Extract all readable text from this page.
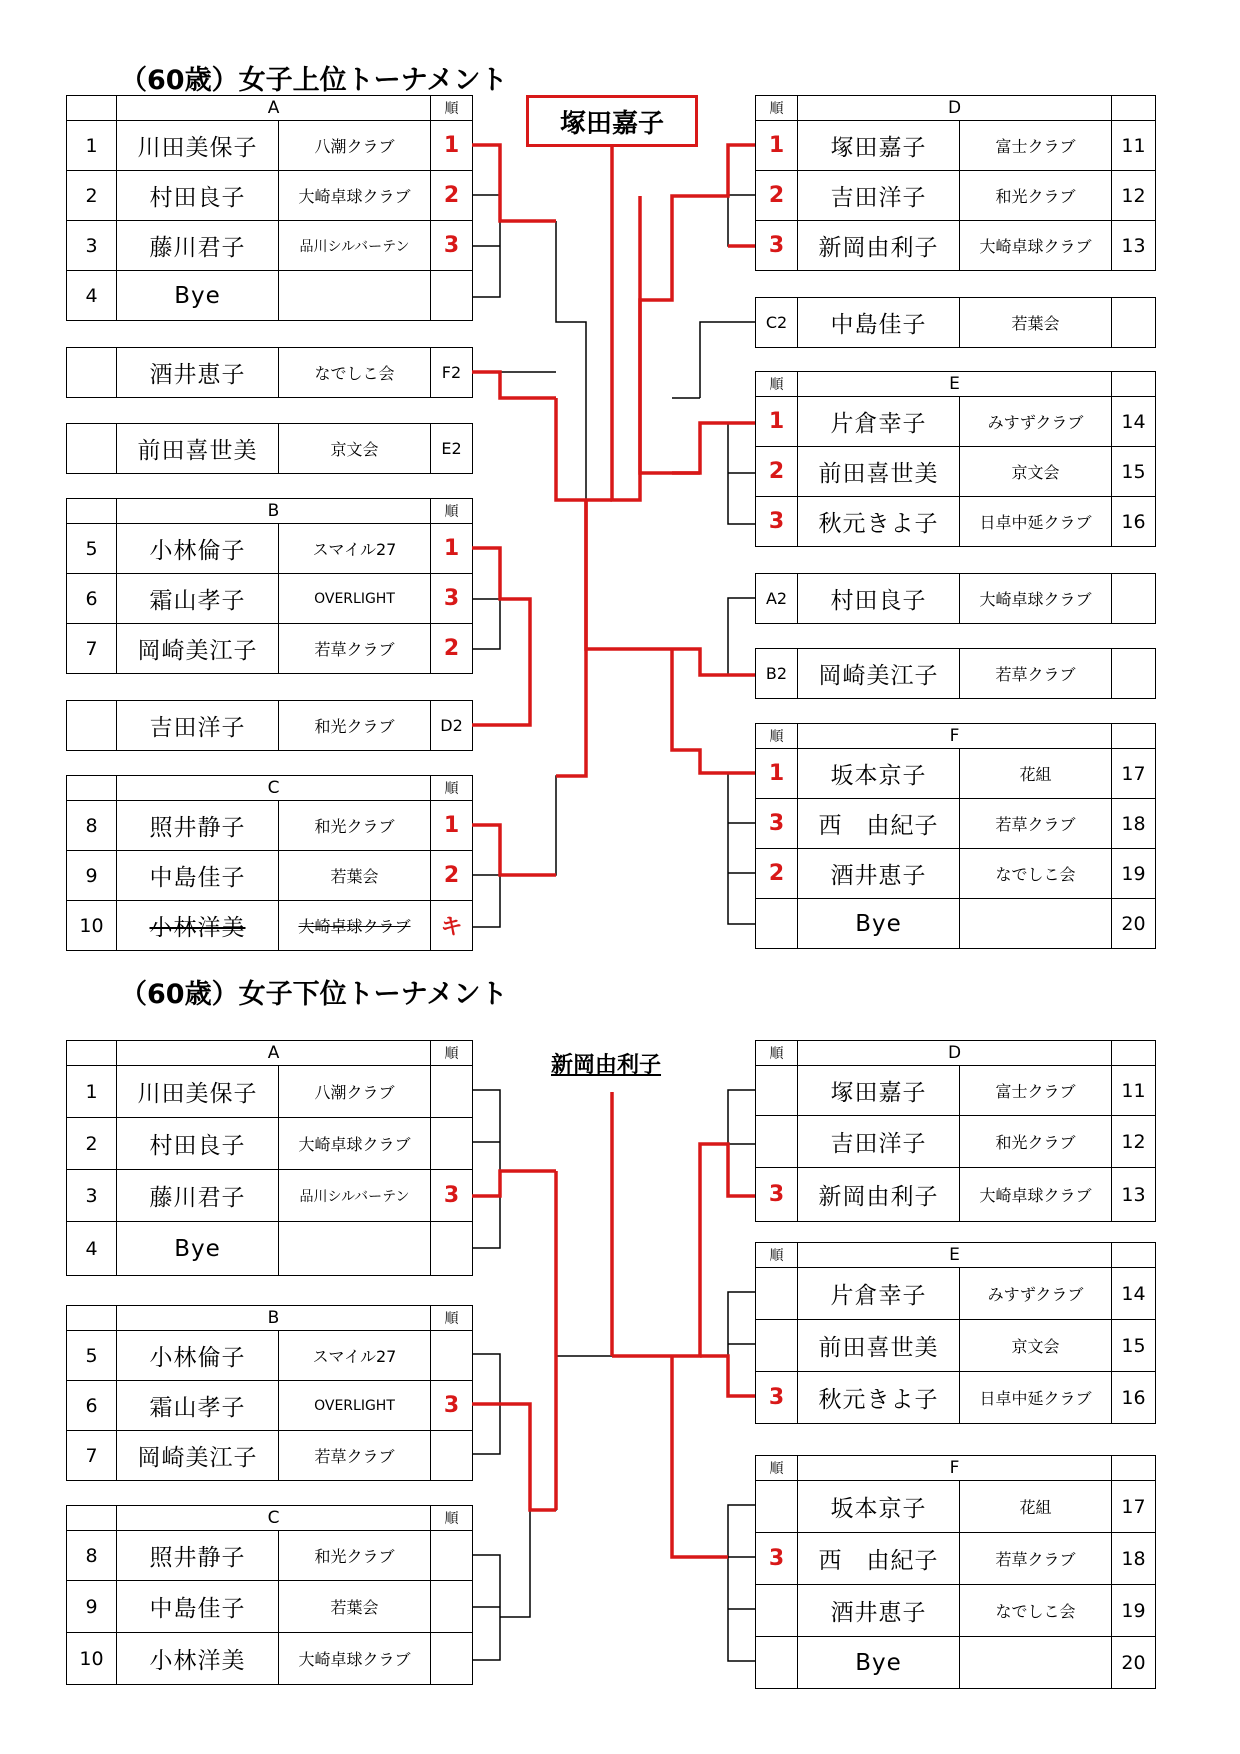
（60歳）女子上位トーナメント
（60歳）女子下位トーナメント
塚田嘉子
新岡由利子
	A		順
1	川田美保子	八潮クラブ	1
2	村田良子	大崎卓球クラブ	2
3	藤川君子	品川シルバーテン	3
4	Bye		
	酒井恵子	なでしこ会	F2
	前田喜世美	京文会	E2
	B		順
5	小林倫子	スマイル27	1
6	霜山孝子	OVERLIGHT	3
7	岡崎美江子	若草クラブ	2
	吉田洋子	和光クラブ	D2
	C		順
8	照井静子	和光クラブ	1
9	中島佳子	若葉会	2
10	小林洋美	大崎卓球クラブ	キ
順	D		
1	塚田嘉子	富士クラブ	11
2	吉田洋子	和光クラブ	12
3	新岡由利子	大崎卓球クラブ	13
C2	中島佳子	若葉会	
順	E		
1	片倉幸子	みすずクラブ	14
2	前田喜世美	京文会	15
3	秋元きよ子	日卓中延クラブ	16
A2	村田良子	大崎卓球クラブ	
B2	岡崎美江子	若草クラブ	
順	F		
1	坂本京子	花組	17
3	西　由紀子	若草クラブ	18
2	酒井恵子	なでしこ会	19
	Bye		20
	A		順
1	川田美保子	八潮クラブ	
2	村田良子	大崎卓球クラブ	
3	藤川君子	品川シルバーテン	3
4	Bye		
	B		順
5	小林倫子	スマイル27	
6	霜山孝子	OVERLIGHT	3
7	岡崎美江子	若草クラブ	
	C		順
8	照井静子	和光クラブ	
9	中島佳子	若葉会	
10	小林洋美	大崎卓球クラブ	
順	D		
	塚田嘉子	富士クラブ	11
	吉田洋子	和光クラブ	12
3	新岡由利子	大崎卓球クラブ	13
順	E		
	片倉幸子	みすずクラブ	14
	前田喜世美	京文会	15
3	秋元きよ子	日卓中延クラブ	16
順	F		
	坂本京子	花組	17
3	西　由紀子	若草クラブ	18
	酒井恵子	なでしこ会	19
	Bye		20
